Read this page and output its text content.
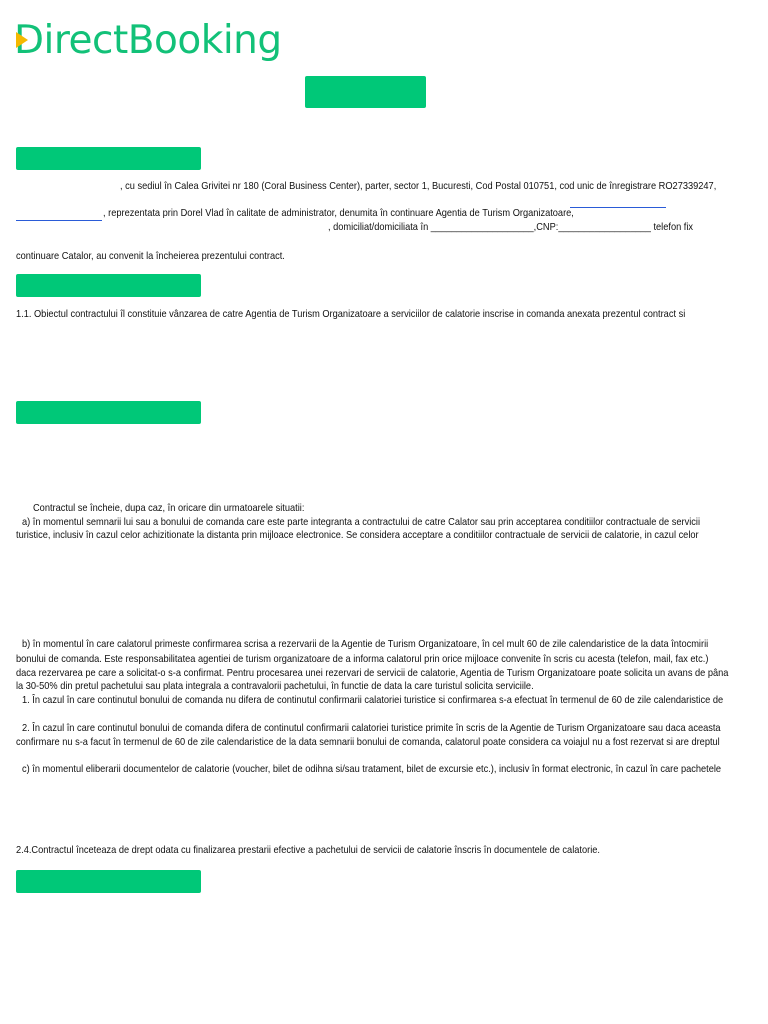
DirectBooking
, cu sediul în Calea Grivitei nr 180 (Coral Business Center), parter, sector 1, Bucuresti, Cod Postal 010751, cod unic de înregistrare RO27339247,
, reprezentata prin Dorel Vlad în calitate de administrator, denumita în continuare Agentia de Turism Organizatoare,
, domiciliat/domiciliata în ____________________,CNP:__________________ telefon fix
continuare Catalor, au convenit la încheierea prezentului contract.
1.1. Obiectul contractului îl constituie vânzarea de catre Agentia de Turism Organizatoare a serviciilor de calatorie inscrise in comanda anexata prezentul contract si
Contractul se încheie, dupa caz, în oricare din urmatoarele situatii:
a) în momentul semnarii lui sau a bonului de comanda care este parte integranta a contractului de catre Calator sau prin acceptarea conditiilor contractuale de servicii
turistice, inclusiv în cazul celor achizitionate la distanta prin mijloace electronice. Se considera acceptare a conditiilor contractuale de servicii de calatorie, in cazul celor
b) în momentul în care calatorul primeste confirmarea scrisa a rezervarii de la Agentie de Turism Organizatoare, în cel mult 60 de zile calendaristice de la data întocmirii
bonului de comanda. Este responsabilitatea agentiei de turism organizatoare de a informa calatorul prin orice mijloace convenite în scris cu acesta (telefon, mail, fax etc.)
daca rezervarea pe care a solicitat-o s-a confirmat. Pentru procesarea unei rezervari de servicii de calatorie, Agentia de Turism Organizatoare poate solicita un avans de pâna
la 30-50% din pretul pachetului sau plata integrala a contravalorii pachetului, în functie de data la care turistul solicita serviciile.
1. În cazul în care continutul bonului de comanda nu difera de continutul confirmarii calatoriei turistice si confirmarea s-a efectuat în termenul de 60 de zile calendaristice de
2. În cazul în care continutul bonului de comanda difera de continutul confirmarii calatoriei turistice primite în scris de la Agentie de Turism Organizatoare sau daca aceasta
confirmare nu s-a facut în termenul de 60 de zile calendaristice de la data semnarii bonului de comanda, calatorul poate considera ca voiajul nu a fost rezervat si are dreptul
c) în momentul eliberarii documentelor de calatorie (voucher, bilet de odihna si/sau tratament, bilet de excursie etc.), inclusiv în format electronic, în cazul în care pachetele
2.4.Contractul înceteaza de drept odata cu finalizarea prestarii efective a pachetului de servicii de calatorie înscris în documentele de calatorie.
